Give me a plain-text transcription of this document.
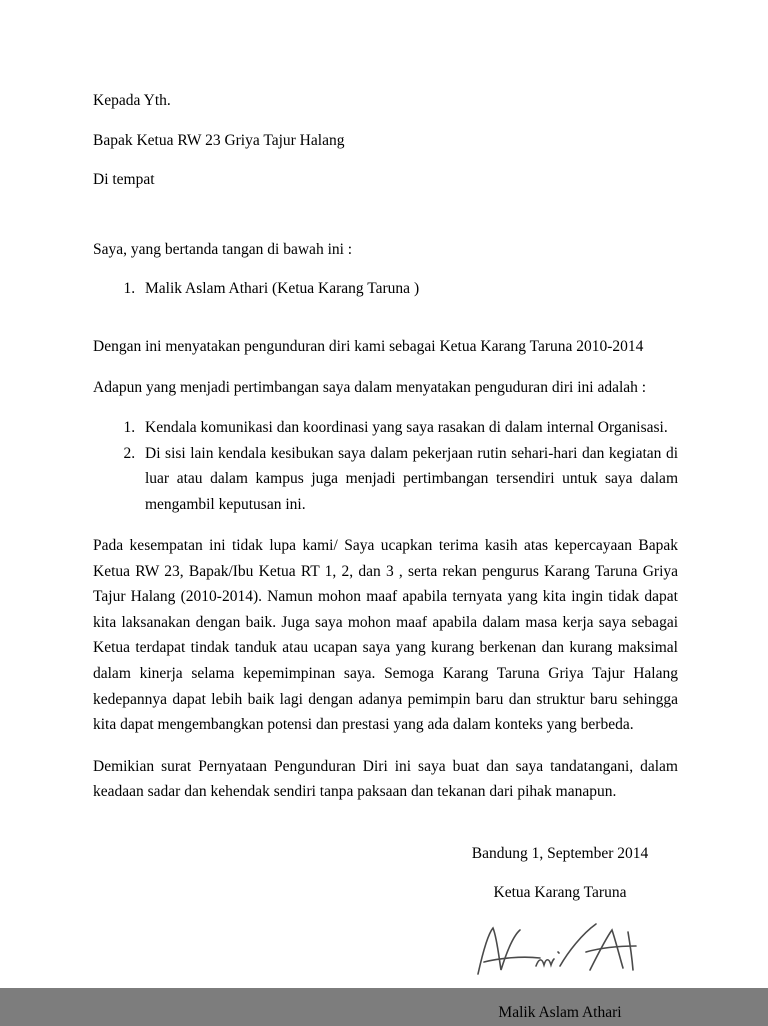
Kepada Yth.
Bapak Ketua RW 23 Griya Tajur Halang
Di tempat
Saya, yang bertanda tangan di bawah ini :
1. Malik Aslam Athari (Ketua Karang Taruna )
Dengan ini menyatakan pengunduran diri kami sebagai Ketua Karang Taruna 2010-2014
Adapun yang menjadi pertimbangan saya dalam menyatakan penguduran diri ini adalah :
1. Kendala komunikasi dan koordinasi yang saya rasakan di dalam internal Organisasi.
2. Di sisi lain kendala kesibukan saya dalam pekerjaan rutin sehari-hari dan kegiatan di luar atau dalam kampus juga menjadi pertimbangan tersendiri untuk saya dalam mengambil keputusan ini.
Pada kesempatan ini tidak lupa kami/ Saya ucapkan terima kasih atas kepercayaan Bapak Ketua RW 23, Bapak/Ibu Ketua RT 1, 2, dan 3 , serta rekan pengurus Karang Taruna Griya Tajur Halang (2010-2014). Namun mohon maaf apabila ternyata yang kita ingin tidak dapat kita laksanakan dengan baik. Juga saya mohon maaf apabila dalam masa kerja saya sebagai Ketua terdapat tindak tanduk atau ucapan saya yang kurang berkenan dan kurang maksimal dalam kinerja selama kepemimpinan saya. Semoga Karang Taruna Griya Tajur Halang kedepannya dapat lebih baik lagi dengan adanya pemimpin baru dan struktur baru sehingga kita dapat mengembangkan potensi dan prestasi yang ada dalam konteks yang berbeda.
Demikian surat Pernyataan Pengunduran Diri ini saya buat dan saya tandatangani, dalam keadaan sadar dan kehendak sendiri tanpa paksaan dan tekanan dari pihak manapun.
Bandung 1, September 2014
Ketua Karang Taruna
Malik Aslam Athari
